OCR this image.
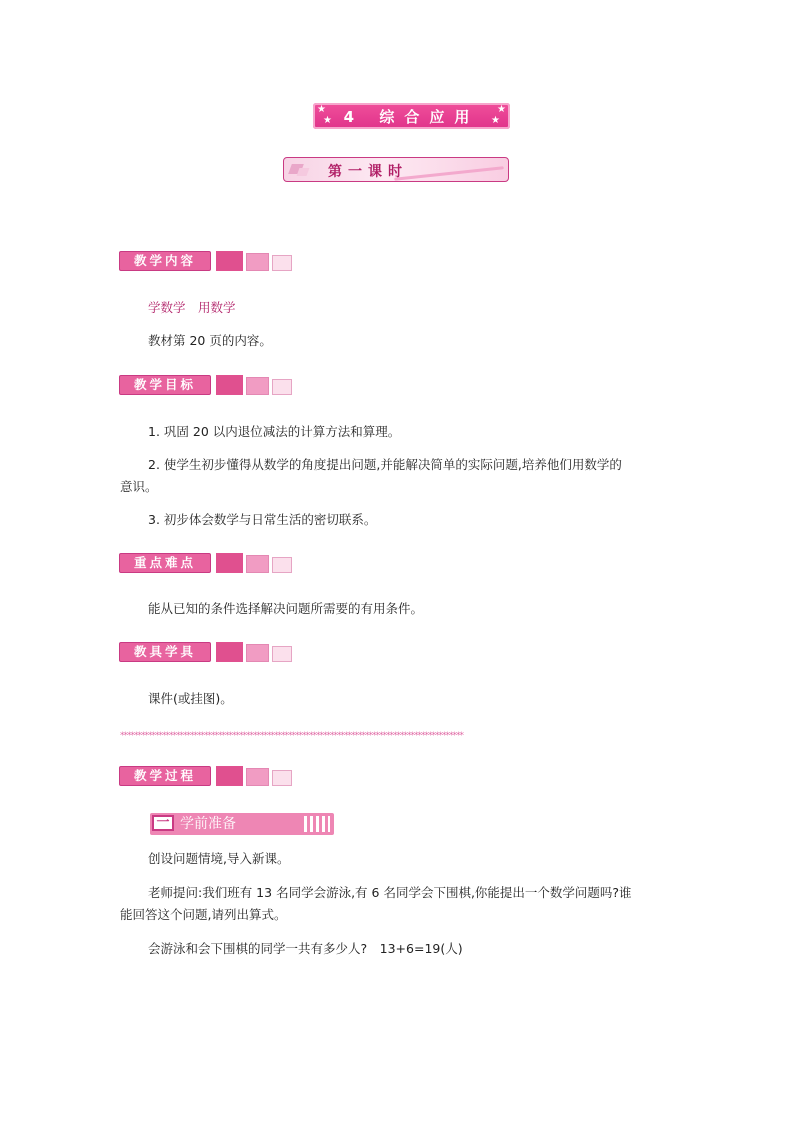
★
★
★
★
4 综合应用
第一课时
教学内容
学数学　用数学
教材第 20 页的内容。
教学目标
1. 巩固 20 以内退位减法的计算方法和算理。
2. 使学生初步懂得从数学的角度提出问题,并能解决简单的实际问题,培养他们用数学的
意识。
3. 初步体会数学与日常生活的密切联系。
重点难点
能从已知的条件选择解决问题所需要的有用条件。
教具学具
课件(或挂图)。
**************************************************************************************************
教学过程
一 学前准备
创设问题情境,导入新课。
老师提问:我们班有 13 名同学会游泳,有 6 名同学会下围棋,你能提出一个数学问题吗?谁
能回答这个问题,请列出算式。
会游泳和会下围棋的同学一共有多少人?　13+6=19(人)
